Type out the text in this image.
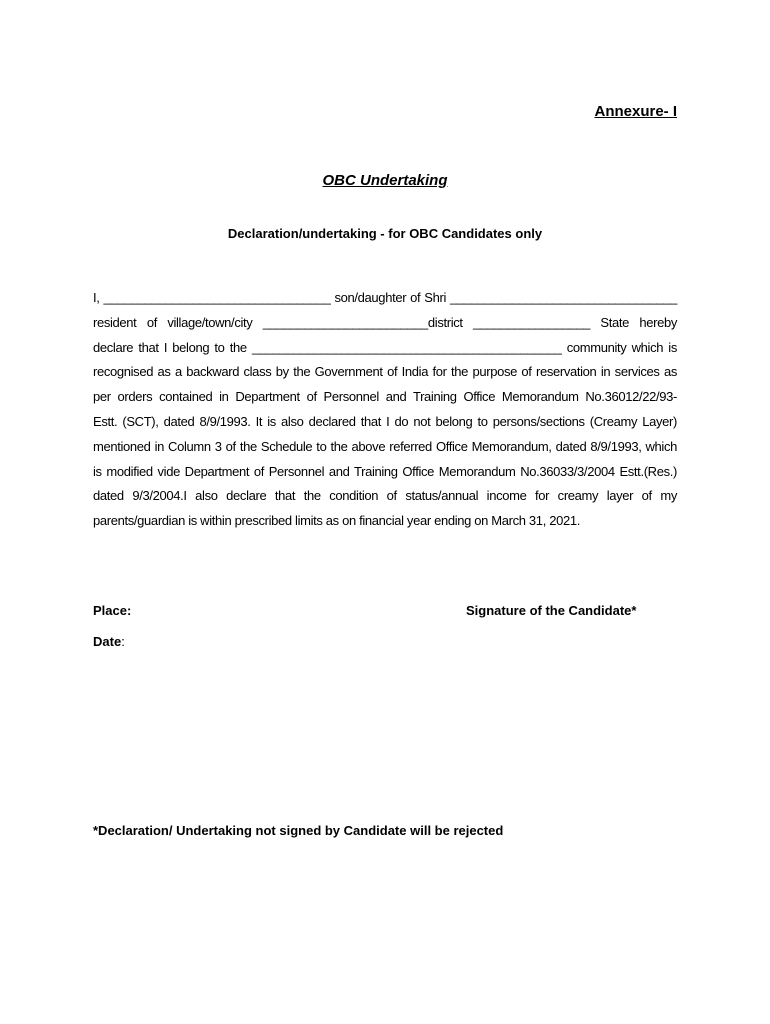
Annexure- I
OBC Undertaking
Declaration/undertaking - for OBC Candidates only
I, _________________________________ son/daughter of Shri _________________________________
resident of village/town/city ________________________district _________________ State hereby
declare that I belong to the _____________________________________________ community which is
recognised as a backward class by the Government of India for the purpose of reservation in services as
per orders contained in Department of Personnel and Training Office Memorandum No.36012/22/93-
Estt. (SCT), dated 8/9/1993. It is also declared that I do not belong to persons/sections (Creamy Layer)
mentioned in Column 3 of the Schedule to the above referred Office Memorandum, dated 8/9/1993, which
is modified vide Department of Personnel and Training Office Memorandum No.36033/3/2004 Estt.(Res.)
dated 9/3/2004.I also declare that the condition of status/annual income for creamy layer of my
parents/guardian is within prescribed limits as on financial year ending on March 31, 2021.
Place:	Signature of the Candidate*
Date:
*Declaration/ Undertaking not signed by Candidate will be rejected
